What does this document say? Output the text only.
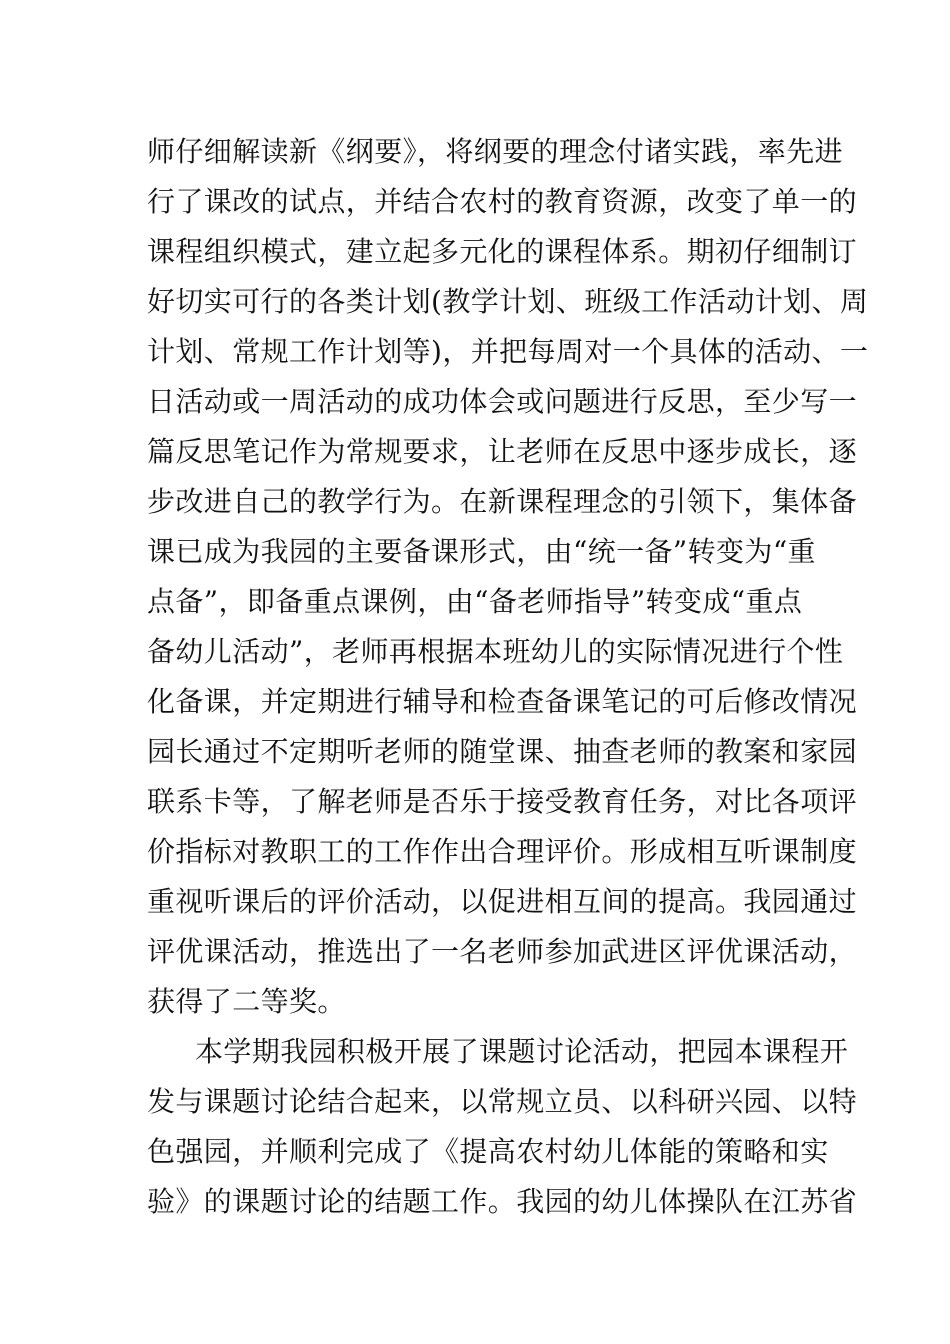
师仔细解读新《纲要》，将纲要的理念付诸实践，率先进
行了课改的试点，并结合农村的教育资源，改变了单一的
课程组织模式，建立起多元化的课程体系。期初仔细制订
好切实可行的各类计划(教学计划、班级工作活动计划、周
计划、常规工作计划等)，并把每周对一个具体的活动、一
日活动或一周活动的成功体会或问题进行反思，至少写一
篇反思笔记作为常规要求，让老师在反思中逐步成长，逐
步改进自己的教学行为。在新课程理念的引领下，集体备
课已成为我园的主要备课形式，由“统一备”转变为“重
点备”，即备重点课例，由“备老师指导”转变成“重点
备幼儿活动”，老师再根据本班幼儿的实际情况进行个性
化备课，并定期进行辅导和检查备课笔记的可后修改情况
园长通过不定期听老师的随堂课、抽查老师的教案和家园
联系卡等，了解老师是否乐于接受教育任务，对比各项评
价指标对教职工的工作作出合理评价。形成相互听课制度
重视听课后的评价活动，以促进相互间的提高。我园通过
评优课活动，推选出了一名老师参加武进区评优课活动，
获得了二等奖。
本学期我园积极开展了课题讨论活动，把园本课程开
发与课题讨论结合起来，以常规立员、以科研兴园、以特
色强园，并顺利完成了《提高农村幼儿体能的策略和实
验》的课题讨论的结题工作。我园的幼儿体操队在江苏省
